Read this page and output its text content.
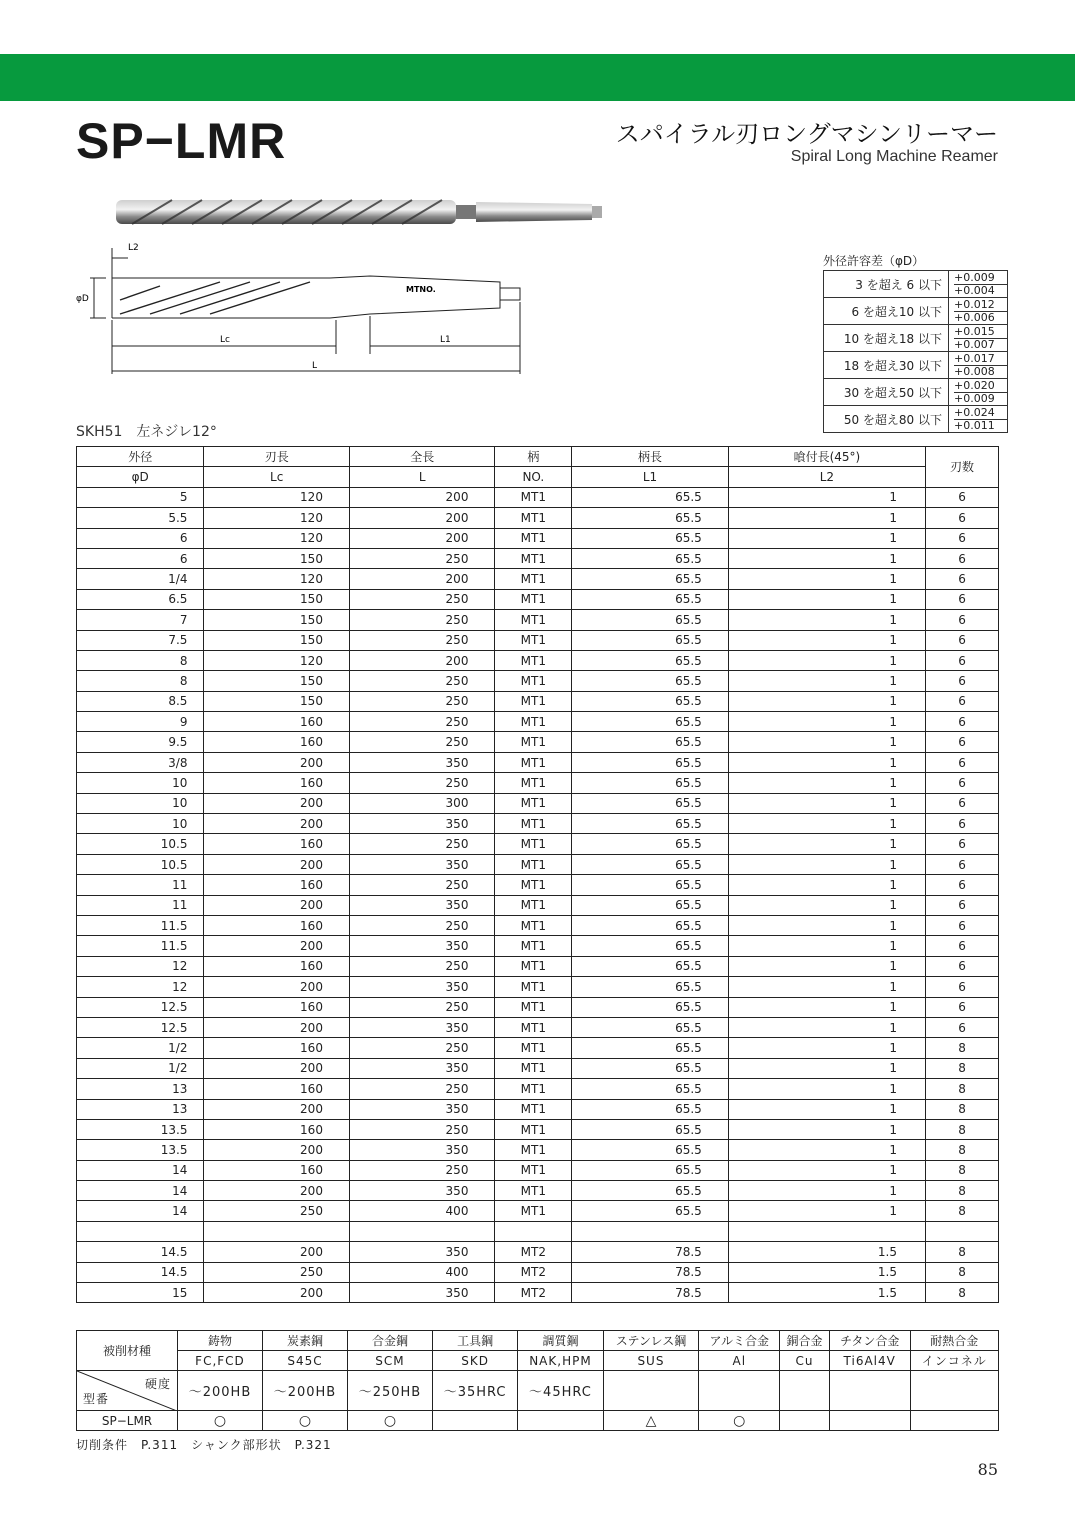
SP−LMR	スパイラル刃ロングマシンリーマー
Spiral Long Machine Reamer
L2
φD
Lc	L1
L
MTNO.
外径許容差（φD）
3 を超え 6 以下	+0.009
+0.004

6 を超え10 以下	+0.012
+0.006

10 を超え18 以下	+0.015
+0.007

18 を超え30 以下	+0.017
+0.008

30 を超え50 以下	+0.020
+0.009

50 を超え80 以下	+0.024
+0.011
SKH51　左ネジレ12°
外径	刃長	全長	柄	柄長	喰付長(45°)	刃数
φD	Lc	L	NO.	L1	L2	
5	120	200	MT1	65.5	1	6
5.5	120	200	MT1	65.5	1	6
6	120	200	MT1	65.5	1	6
6	150	250	MT1	65.5	1	6
1/4	120	200	MT1	65.5	1	6
6.5	150	250	MT1	65.5	1	6
7	150	250	MT1	65.5	1	6
7.5	150	250	MT1	65.5	1	6
8	120	200	MT1	65.5	1	6
8	150	250	MT1	65.5	1	6
8.5	150	250	MT1	65.5	1	6
9	160	250	MT1	65.5	1	6
9.5	160	250	MT1	65.5	1	6
3/8	200	350	MT1	65.5	1	6
10	160	250	MT1	65.5	1	6
10	200	300	MT1	65.5	1	6
10	200	350	MT1	65.5	1	6
10.5	160	250	MT1	65.5	1	6
10.5	200	350	MT1	65.5	1	6
11	160	250	MT1	65.5	1	6
11	200	350	MT1	65.5	1	6
11.5	160	250	MT1	65.5	1	6
11.5	200	350	MT1	65.5	1	6
12	160	250	MT1	65.5	1	6
12	200	350	MT1	65.5	1	6
12.5	160	250	MT1	65.5	1	6
12.5	200	350	MT1	65.5	1	6
1/2	160	250	MT1	65.5	1	8
1/2	200	350	MT1	65.5	1	8
13	160	250	MT1	65.5	1	8
13	200	350	MT1	65.5	1	8
13.5	160	250	MT1	65.5	1	8
13.5	200	350	MT1	65.5	1	8
14	160	250	MT1	65.5	1	8
14	200	350	MT1	65.5	1	8
14	250	400	MT1	65.5	1	8

14.5	200	350	MT2	78.5	1.5	8
14.5	250	400	MT2	78.5	1.5	8
15	200	350	MT2	78.5	1.5	8
被削材種	鋳物	炭素鋼	合金鋼	工具鋼	調質鋼	ステンレス鋼	アルミ合金	銅合金	チタン合金	耐熱合金
	FC,FCD	S45C	SCM	SKD	NAK,HPM	SUS	Al	Cu	Ti6Al4V	インコネル

硬度
型番	～200HB	～200HB	～250HB	～35HRC	～45HRC					
SP−LMR	○	○	○			△	○			
切削条件　P.311　シャンク部形状　P.321
85
